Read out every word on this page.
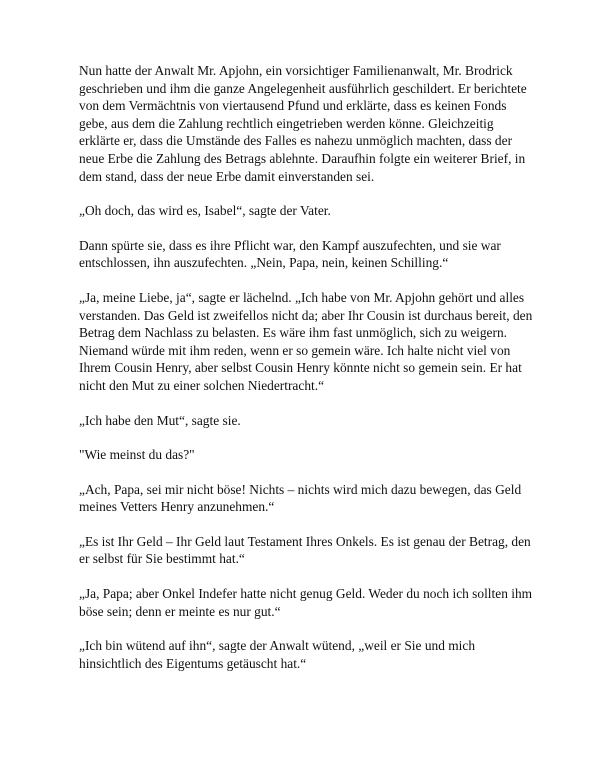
Nun hatte der Anwalt Mr. Apjohn, ein vorsichtiger Familienanwalt, Mr. Brodrick geschrieben und ihm die ganze Angelegenheit ausführlich geschildert. Er berichtete von dem Vermächtnis von viertausend Pfund und erklärte, dass es keinen Fonds gebe, aus dem die Zahlung rechtlich eingetrieben werden könne. Gleichzeitig erklärte er, dass die Umstände des Falles es nahezu unmöglich machten, dass der neue Erbe die Zahlung des Betrags ablehnte. Daraufhin folgte ein weiterer Brief, in dem stand, dass der neue Erbe damit einverstanden sei.

„Oh doch, das wird es, Isabel“, sagte der Vater.

Dann spürte sie, dass es ihre Pflicht war, den Kampf auszufechten, und sie war entschlossen, ihn auszufechten. „Nein, Papa, nein, keinen Schilling.“

„Ja, meine Liebe, ja“, sagte er lächelnd. „Ich habe von Mr. Apjohn gehört und alles verstanden. Das Geld ist zweifellos nicht da; aber Ihr Cousin ist durchaus bereit, den Betrag dem Nachlass zu belasten. Es wäre ihm fast unmöglich, sich zu weigern. Niemand würde mit ihm reden, wenn er so gemein wäre. Ich halte nicht viel von Ihrem Cousin Henry, aber selbst Cousin Henry könnte nicht so gemein sein. Er hat nicht den Mut zu einer solchen Niedertracht.“

„Ich habe den Mut“, sagte sie.

"Wie meinst du das?"

„Ach, Papa, sei mir nicht böse! Nichts – nichts wird mich dazu bewegen, das Geld meines Vetters Henry anzunehmen.“

„Es ist Ihr Geld – Ihr Geld laut Testament Ihres Onkels. Es ist genau der Betrag, den er selbst für Sie bestimmt hat.“

„Ja, Papa; aber Onkel Indefer hatte nicht genug Geld. Weder du noch ich sollten ihm böse sein; denn er meinte es nur gut.“

„Ich bin wütend auf ihn“, sagte der Anwalt wütend, „weil er Sie und mich hinsichtlich des Eigentums getäuscht hat.“
